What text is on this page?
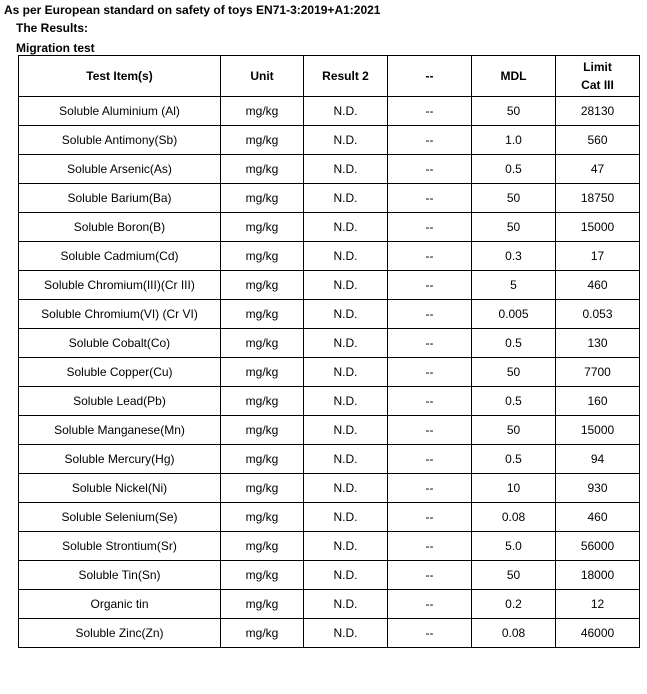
As per European standard on safety of toys EN71-3:2019+A1:2021
The Results:
Migration test
Test Item(s)	Unit	Result 2	--	MDL	Limit
Cat III

Soluble Aluminium (Al)	mg/kg	N.D.	--	50	28130
Soluble Antimony(Sb)	mg/kg	N.D.	--	1.0	560
Soluble Arsenic(As)	mg/kg	N.D.	--	0.5	47
Soluble Barium(Ba)	mg/kg	N.D.	--	50	18750
Soluble Boron(B)	mg/kg	N.D.	--	50	15000
Soluble Cadmium(Cd)	mg/kg	N.D.	--	0.3	17
Soluble Chromium(III)(Cr III)	mg/kg	N.D.	--	5	460
Soluble Chromium(VI) (Cr VI)	mg/kg	N.D.	--	0.005	0.053
Soluble Cobalt(Co)	mg/kg	N.D.	--	0.5	130
Soluble Copper(Cu)	mg/kg	N.D.	--	50	7700
Soluble Lead(Pb)	mg/kg	N.D.	--	0.5	160
Soluble Manganese(Mn)	mg/kg	N.D.	--	50	15000
Soluble Mercury(Hg)	mg/kg	N.D.	--	0.5	94
Soluble Nickel(Ni)	mg/kg	N.D.	--	10	930
Soluble Selenium(Se)	mg/kg	N.D.	--	0.08	460
Soluble Strontium(Sr)	mg/kg	N.D.	--	5.0	56000
Soluble Tin(Sn)	mg/kg	N.D.	--	50	18000
Organic tin	mg/kg	N.D.	--	0.2	12
Soluble Zinc(Zn)	mg/kg	N.D.	--	0.08	46000
